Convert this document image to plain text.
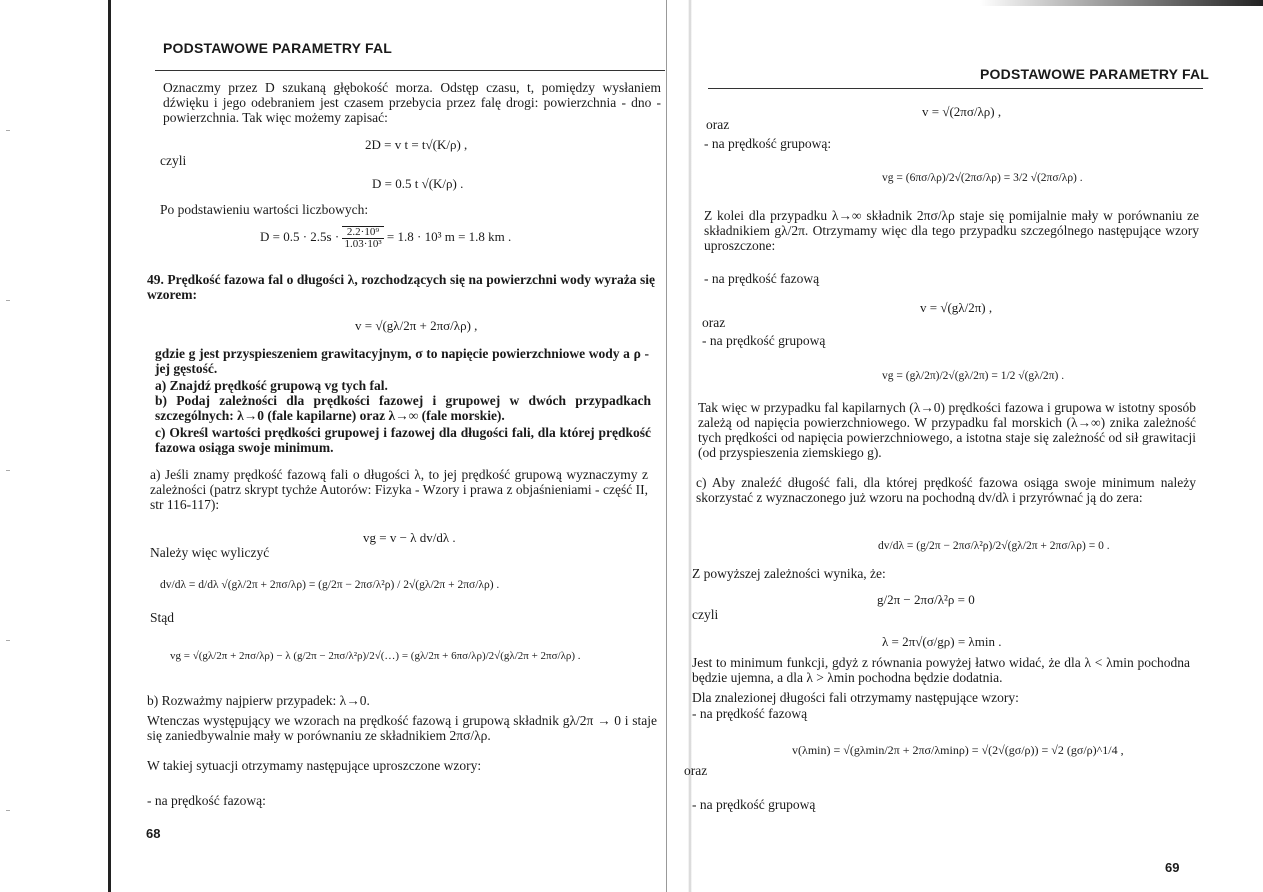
PODSTAWOWE PARAMETRY FAL
Oznaczmy przez D szukaną głębokość morza. Odstęp czasu, t, pomiędzy wysłaniem dźwięku i jego odebraniem jest czasem przebycia przez falę drogi: powierzchnia - dno - powierzchnia. Tak więc możemy zapisać:
2D = v t = t√(K/ρ) ,
czyli
D = 0.5 t √(K/ρ) .
Po podstawieniu wartości liczbowych:
$D = 0.5 \cdot 2.5s \cdot \frac{\text{2.2·10⁹}}{\text{1.03·10³}} = 1.8 \cdot 10^3$ m = 1.8 km .
49. Prędkość fazowa fal o długości λ, rozchodzących się na powierzchni wody wyraża się wzorem:
v = √(gλ/2π + 2πσ/λρ) ,
gdzie g jest przyspieszeniem grawitacyjnym, σ to napięcie powierzchniowe wody a ρ - jej gęstość.
a) Znajdź prędkość grupową vg tych fal.
b) Podaj zależności dla prędkości fazowej i grupowej w dwóch przypadkach szczególnych: λ→0 (fale kapilarne) oraz λ→∞ (fale morskie).
c) Określ wartości prędkości grupowej i fazowej dla długości fali, dla której prędkość fazowa osiąga swoje minimum.
a) Jeśli znamy prędkość fazową fali o długości λ, to jej prędkość grupową wyznaczymy z zależności (patrz skrypt tychże Autorów: Fizyka - Wzory i prawa z objaśnieniami - część II, str 116-117):
vg = v − λ dv/dλ .
Należy więc wyliczyć
dv/dλ = d/dλ √(gλ/2π + 2πσ/λρ) = (g/2π − 2πσ/λ²ρ) / 2√(gλ/2π + 2πσ/λρ) .
Stąd
vg = √(gλ/2π + 2πσ/λρ) − λ (g/2π − 2πσ/λ²ρ)/2√(…) = (gλ/2π + 6πσ/λρ)/2√(gλ/2π + 2πσ/λρ) .
b) Rozważmy najpierw przypadek: λ→0.
Wtenczas występujący we wzorach na prędkość fazową i grupową składnik gλ/2π → 0 i staje się zaniedbywalnie mały w porównaniu ze składnikiem 2πσ/λρ.
W takiej sytuacji otrzymamy następujące uproszczone wzory:
- na prędkość fazową:
68
PODSTAWOWE PARAMETRY FAL
v = √(2πσ/λρ) ,
oraz
- na prędkość grupową:
vg = (6πσ/λρ)/2√(2πσ/λρ) = 3/2 √(2πσ/λρ) .
Z kolei dla przypadku λ→∞ składnik 2πσ/λρ staje się pomijalnie mały w porównaniu ze składnikiem gλ/2π. Otrzymamy więc dla tego przypadku szczególnego następujące wzory uproszczone:
- na prędkość fazową
v = √(gλ/2π) ,
oraz
- na prędkość grupową
vg = (gλ/2π)/2√(gλ/2π) = 1/2 √(gλ/2π) .
Tak więc w przypadku fal kapilarnych (λ→0) prędkości fazowa i grupowa w istotny sposób zależą od napięcia powierzchniowego. W przypadku fal morskich (λ→∞) znika zależność tych prędkości od napięcia powierzchniowego, a istotna staje się zależność od sił grawitacji (od przyspieszenia ziemskiego g).
c) Aby znaleźć długość fali, dla której prędkość fazowa osiąga swoje minimum należy skorzystać z wyznaczonego już wzoru na pochodną dv/dλ i przyrównać ją do zera:
dv/dλ = (g/2π − 2πσ/λ²ρ)/2√(gλ/2π + 2πσ/λρ) = 0 .
Z powyższej zależności wynika, że:
g/2π − 2πσ/λ²ρ = 0
czyli
λ = 2π√(σ/gρ) = λmin .
Jest to minimum funkcji, gdyż z równania powyżej łatwo widać, że dla λ < λmin pochodna będzie ujemna, a dla λ > λmin pochodna będzie dodatnia.
Dla znalezionej długości fali otrzymamy następujące wzory:
- na prędkość fazową
v(λmin) = √(gλmin/2π + 2πσ/λminρ) = √(2√(gσ/ρ)) = √2 (gσ/ρ)^1/4 ,
oraz
- na prędkość grupową
69
